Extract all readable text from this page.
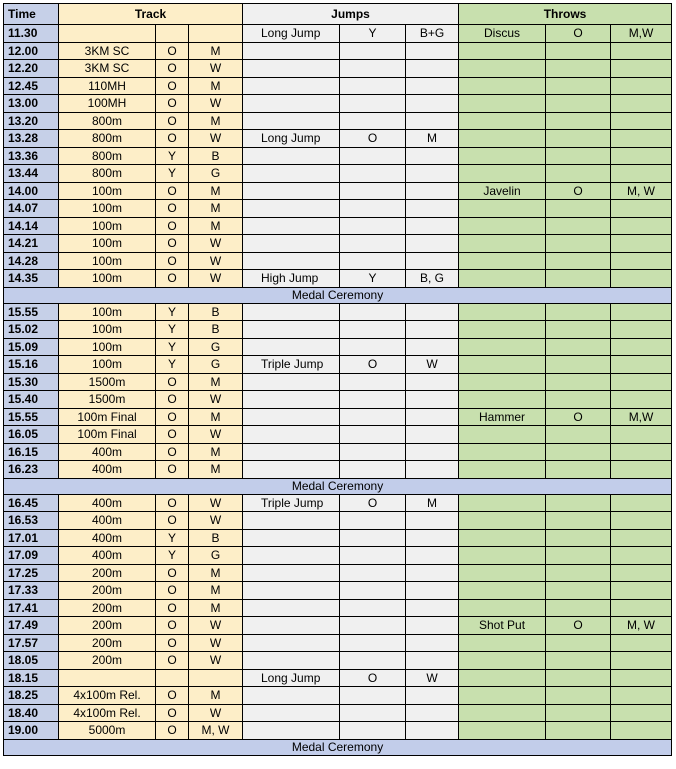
Time	Track			Jumps			Throws		
11.30				Long Jump	Y	B+G	Discus	O	M,W
12.00	3KM SC	O	M						
12.20	3KM SC	O	W						
12.45	110MH	O	M						
13.00	100MH	O	W						
13.20	800m	O	M						
13.28	800m	O	W	Long Jump	O	M			
13.36	800m	Y	B						
13.44	800m	Y	G						
14.00	100m	O	M				Javelin	O	M, W
14.07	100m	O	M						
14.14	100m	O	M						
14.21	100m	O	W						
14.28	100m	O	W						
14.35	100m	O	W	High Jump	Y	B, G			
Medal Ceremony									
15.55	100m	Y	B						
15.02	100m	Y	B						
15.09	100m	Y	G						
15.16	100m	Y	G	Triple Jump	O	W			
15.30	1500m	O	M						
15.40	1500m	O	W						
15.55	100m Final	O	M				Hammer	O	M,W
16.05	100m Final	O	W						
16.15	400m	O	M						
16.23	400m	O	M						
Medal Ceremony									
16.45	400m	O	W	Triple Jump	O	M			
16.53	400m	O	W						
17.01	400m	Y	B						
17.09	400m	Y	G						
17.25	200m	O	M						
17.33	200m	O	M						
17.41	200m	O	M						
17.49	200m	O	W				Shot Put	O	M, W
17.57	200m	O	W						
18.05	200m	O	W						
18.15				Long Jump	O	W			
18.25	4x100m Rel.	O	M						
18.40	4x100m Rel.	O	W						
19.00	5000m	O	M, W						
Medal Ceremony									
